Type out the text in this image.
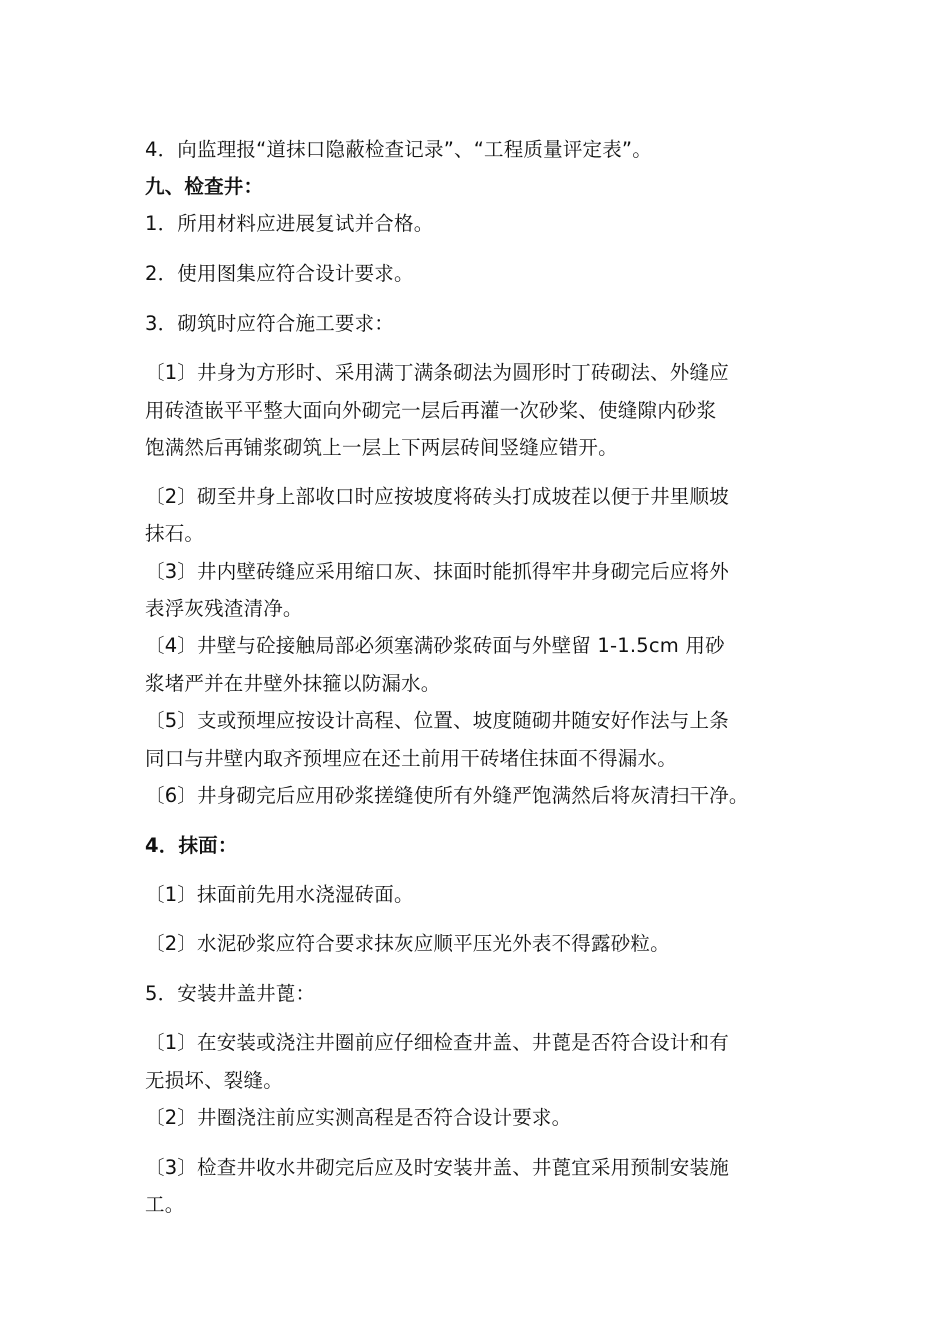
4．向监理报“道抹口隐蔽检查记录”、“工程质量评定表”。

九、检查井：

1．所用材料应进展复试并合格。

2．使用图集应符合设计要求。

3．砌筑时应符合施工要求：

〔1〕井身为方形时、采用满丁满条砌法为圆形时丁砖砌法、外缝应

用砖渣嵌平平整大面向外砌完一层后再灌一次砂桨、使缝隙内砂浆

饱满然后再铺浆砌筑上一层上下两层砖间竖缝应错开。

〔2〕砌至井身上部收口时应按坡度将砖头打成坡茬以便于井里顺坡

抹石。

〔3〕井内壁砖缝应采用缩口灰、抹面时能抓得牢井身砌完后应将外

表浮灰残渣清净。

〔4〕井壁与砼接触局部必须塞满砂浆砖面与外壁留 1-1.5cm 用砂

浆堵严并在井壁外抹箍以防漏水。

〔5〕支或预埋应按设计高程、位置、坡度随砌井随安好作法与上条

同口与井壁内取齐预埋应在还土前用干砖堵住抹面不得漏水。

〔6〕井身砌完后应用砂浆搓缝使所有外缝严饱满然后将灰清扫干净。

4．抹面：

〔1〕抹面前先用水浇湿砖面。

〔2〕水泥砂浆应符合要求抹灰应顺平压光外表不得露砂粒。

5．安装井盖井蓖：

〔1〕在安装或浇注井圈前应仔细检查井盖、井蓖是否符合设计和有

无损坏、裂缝。

〔2〕井圈浇注前应实测高程是否符合设计要求。

〔3〕检查井收水井砌完后应及时安装井盖、井蓖宜采用预制安装施

工。
